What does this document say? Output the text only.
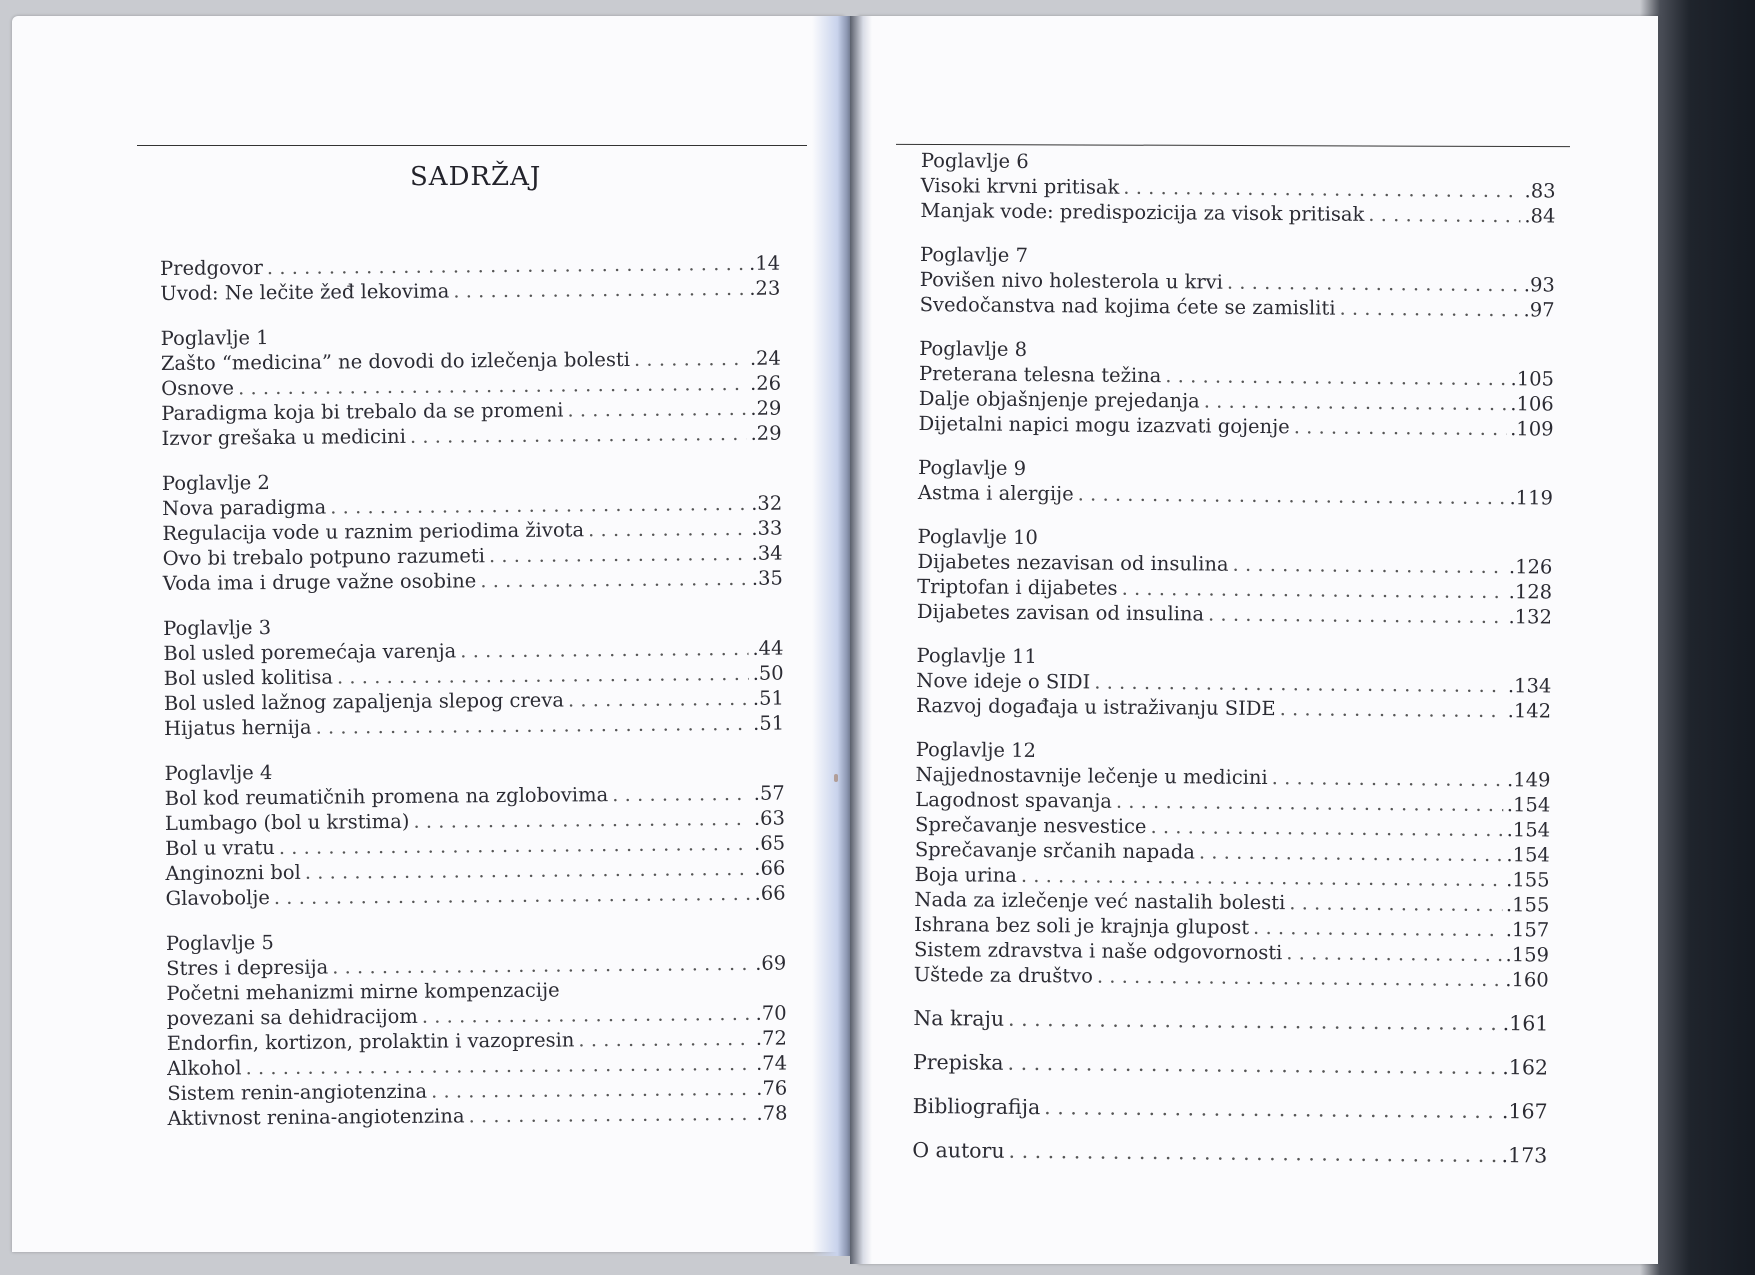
SADRŽAJ
Predgovor . . .	. 14
Uvod: Ne lečite žeđ lekovima . . .	. 23
Poglavlje 1
Zašto “medicina” ne dovodi do izlečenja bolesti . . .	. 24
Osnove . . .	. 26
Paradigma koja bi trebalo da se promeni . . .	. 29
Izvor grešaka u medicini . . .	. 29
Poglavlje 2
Nova paradigma . . .	. 32
Regulacija vode u raznim periodima života . . .	. 33
Ovo bi trebalo potpuno razumeti . . .	. 34
Voda ima i druge važne osobine . . .	. 35
Poglavlje 3
Bol usled poremećaja varenja . . .	. 44
Bol usled kolitisa . . .	. 50
Bol usled lažnog zapaljenja slepog creva . . .	. 51
Hijatus hernija . . .	. 51
Poglavlje 4
Bol kod reumatičnih promena na zglobovima . . .	. 57
Lumbago (bol u krstima) . . .	. 63
Bol u vratu . . .	. 65
Anginozni bol . . .	. 66
Glavobolje . . .	. 66
Poglavlje 5
Stres i depresija . . .	. 69
Početni mehanizmi mirne kompenzacije
povezani sa dehidracijom . . .	. 70
Endorfin, kortizon, prolaktin i vazopresin . . .	. 72
Alkohol . . .	. 74
Sistem renin-angiotenzina . . .	. 76
Aktivnost renina-angiotenzina . . .	. 78
Poglavlje 6
Visoki krvni pritisak . . .	. 83
Manjak vode: predispozicija za visok pritisak . . .	. 84
Poglavlje 7
Povišen nivo holesterola u krvi . . .	. 93
Svedočanstva nad kojima ćete se zamisliti . . .	. 97
Poglavlje 8
Preterana telesna težina . . .	. 105
Dalje objašnjenje prejedanja . . .	. 106
Dijetalni napici mogu izazvati gojenje . . .	. 109
Poglavlje 9
Astma i alergije . . .	. 119
Poglavlje 10
Dijabetes nezavisan od insulina . . .	. 126
Triptofan i dijabetes . . .	. 128
Dijabetes zavisan od insulina . . .	. 132
Poglavlje 11
Nove ideje o SIDI . . .	. 134
Razvoj događaja u istraživanju SIDE . . .	. 142
Poglavlje 12
Najjednostavnije lečenje u medicini . . .	. 149
Lagodnost spavanja . . .	. 154
Sprečavanje nesvestice . . .	. 154
Sprečavanje srčanih napada . . .	. 154
Boja urina . . .	. 155
Nada za izlečenje već nastalih bolesti . . .	. 155
Ishrana bez soli je krajnja glupost . . .	. 157
Sistem zdravstva i naše odgovornosti . . .	. 159
Uštede za društvo . . .	. 160
Na kraju . . .	. 161
Prepiska . . .	. 162
Bibliografija . . .	. 167
O autoru . . .	. 173
